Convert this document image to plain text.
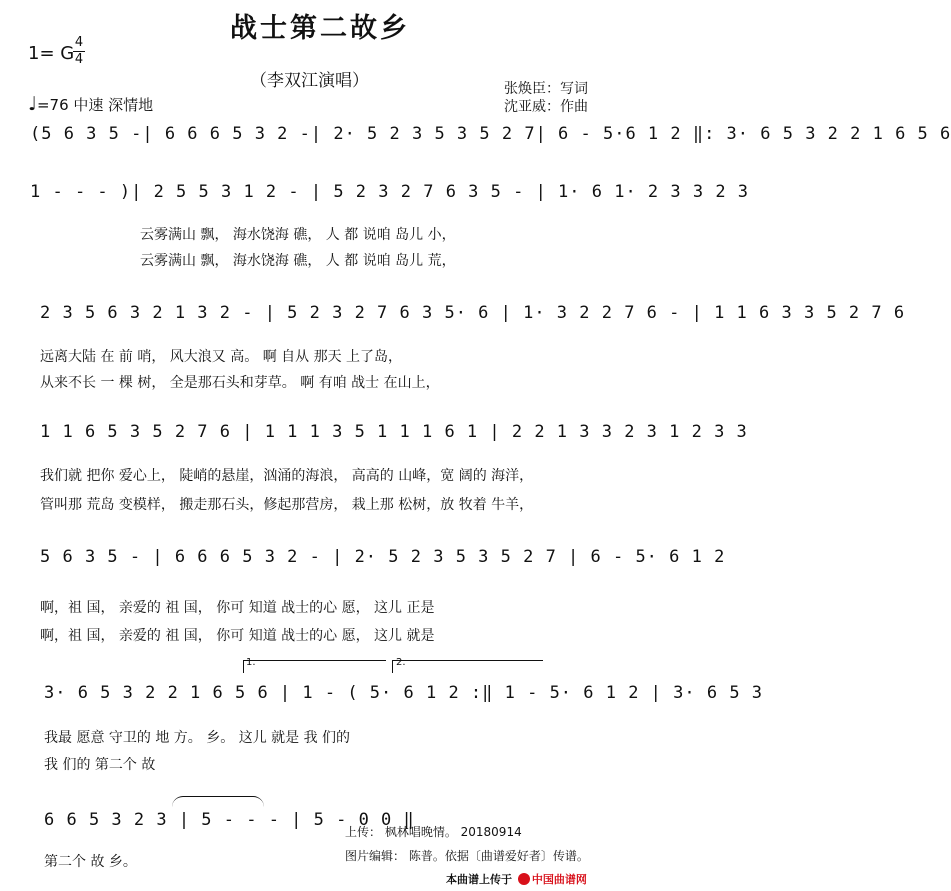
战士第二故乡
（李双江演唱）
1= G
4
4
♩=76 中速 深情地
张焕臣：写词
沈亚威：作曲
(5 6 3 5 -| 6 6 6 5 3 2 -| 2· 5 2 3 5 3 5 2 7| 6 - 5·6 1 2 ‖: 3· 6 5 3 2 2 1 6 5 6
1 - - - )| 2 5 5 3 1 2 - | 5 2 3 2 7 6 3 5 - | 1· 6 1· 2 3 3 2 3
云雾满山 飘， 海水饶海 礁， 人 都 说咱 岛儿 小，
云雾满山 飘， 海水饶海 礁， 人 都 说咱 岛儿 荒，
2 3 5 6 3 2 1 3 2 - | 5 2 3 2 7 6 3 5· 6 | 1· 3 2 2 7 6 - | 1 1 6 3 3 5 2 7 6
远离大陆 在 前 哨， 风大浪又 高。 啊 自从 那天 上了岛，
从来不长 一 棵 树， 全是那石头和芽草。 啊 有咱 战士 在山上，
1 1 6 5 3 5 2 7 6 | 1 1 1 3 5 1 1 1 6 1 | 2 2 1 3 3 2 3 1 2 3 3
我们就 把你 爱心上， 陡峭的悬崖，汹涌的海浪， 高高的 山峰，宽 阔的 海洋，
管叫那 荒岛 变模样， 搬走那石头，修起那营房， 栽上那 松树，放 牧着 牛羊，
5 6 3 5 - | 6 6 6 5 3 2 - | 2· 5 2 3 5 3 5 2 7 | 6 - 5· 6 1 2
啊，祖 国， 亲爱的 祖 国， 你可 知道 战士的心 愿， 这儿 正是
啊，祖 国， 亲爱的 祖 国， 你可 知道 战士的心 愿， 这儿 就是
1.	2.
3· 6 5 3 2 2 1 6 5 6 | 1 - ( 5· 6 1 2 :‖ 1 - 5· 6 1 2 | 3· 6 5 3
我最 愿意 守卫的 地 方。 乡。 这儿 就是 我 们的
我 们的 第二个 故
6 6 5 3 2 3 | 5 - - - | 5 - 0 0 ‖
第二个 故 乡。
上传： 枫林唱晚情。 20180914
图片编辑： 陈普。依据〔曲谱爱好者〕传谱。
本曲谱上传于 中国曲谱网
